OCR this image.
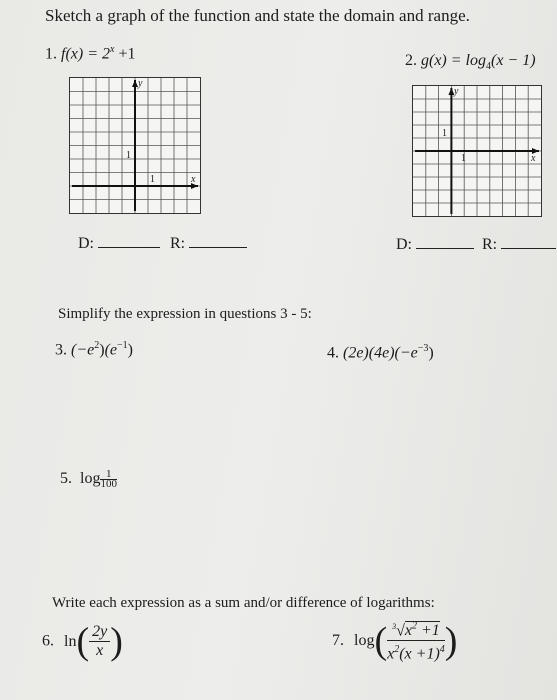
Sketch a graph of the function and state the domain and range.
1. $f(x) = 2^x +1$	2. $g(x) = \log_4(x - 1)$
y
1
1	x
y
1
1	x
D:	R:	D:	R:
Simplify the expression in questions 3 - 5:
3. $(-e^2)(e^{-1})$	4. $(2e)(4e)(-e^{-3})$
5. $\log \frac{1}{100}$
Write each expression as a sum and/or difference of logarithms:
6. $\ln( \frac{2y}{x}$ )	7. $\log( \frac{^3√x^2 +1}{x^2(x +1)^4}$ )
